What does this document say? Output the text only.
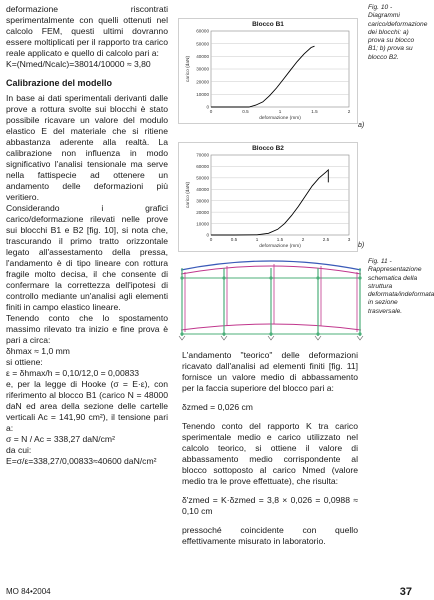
deformazione riscontrati sperimentalmente con quelli ottenuti nel calcolo FEM, questi ultimi dovranno essere moltiplicati per il rapporto tra carico reale applicato e quello di calcolo pari a:

K=(Nmed/Ncalc)=38014/10000 ≈ 3,80

Calibrazione del modello

In base ai dati sperimentali derivanti dalle prove a rottura svolte sui blocchi è stato possibile ricavare un valore del modulo elastico E del materiale che si ritiene abbastanza aderente alla realtà. La calibrazione non influenza in modo significativo l'analisi tensionale ma serve nella fattispecie ad ottenere un andamento delle deformazioni più veritiero.

Considerando i grafici carico/deformazione rilevati nelle prove sui blocchi B1 e B2 [fig. 10], si nota che, trascurando il primo tratto orizzontale legato all'assestamento della pressa, l'andamento è di tipo lineare con rottura fragile molto decisa, il che consente di confermare la correttezza dell'ipotesi di controllo mediante un'analisi agli elementi finiti in campo elastico lineare.

Tenendo conto che lo spostamento massimo rilevato tra inizio e fine prova è pari a circa:

δhmax ≈ 1,0 mm

si ottiene:

ε = δhmax/h = 0,10/12,0 = 0,00833

e, per la legge di Hooke (σ = E·ε), con riferimento al blocco B1 (carico N = 48000 daN ed area della sezione delle cartelle verticali Ac = 141,90 cm²), il tensione pari a:

σ = N / Ac = 338,27 daN/cm²

da cui:

E=σ/ε=338,27/0,00833≈40600 daN/cm²

Blocco B1
0
10000
20000
30000
40000
50000
60000
0	0.5	1	1.5	2
deformazione (mm)
carico (daN)
a)
Blocco B2
0
10000
20000
30000
40000
50000
60000
70000
0	0.5	1	1.5	2	2.5	3
deformazione (mm)
carico (daN)
b)
Fig. 10 - Diagrammi carico/deformazione dei blocchi: a) prova su blocco B1; b) prova su blocco B2.
Fig. 11 - Rappresentazione schematica della struttura deformata/indeformata in sezione trasversale.

L'andamento "teorico" delle deformazioni ricavato dall'analisi ad elementi finiti [fig. 11] fornisce un valore medio di abbassamento per la faccia superiore del blocco pari a:

δzmed = 0,026 cm

Tenendo conto del rapporto K tra carico sperimentale medio e carico utilizzato nel calcolo teorico, si ottiene il valore di abbassamento medio corrispondente al blocco sottoposto al carico Nmed (valore medio tra le prove effettuate), che risulta:

δ'zmed = K·δzmed = 3,8 × 0,026 = 0,0988 ≈ 0,10 cm

pressoché coincidente con quello effettivamente misurato in laboratorio.

MO 84•2004	37
